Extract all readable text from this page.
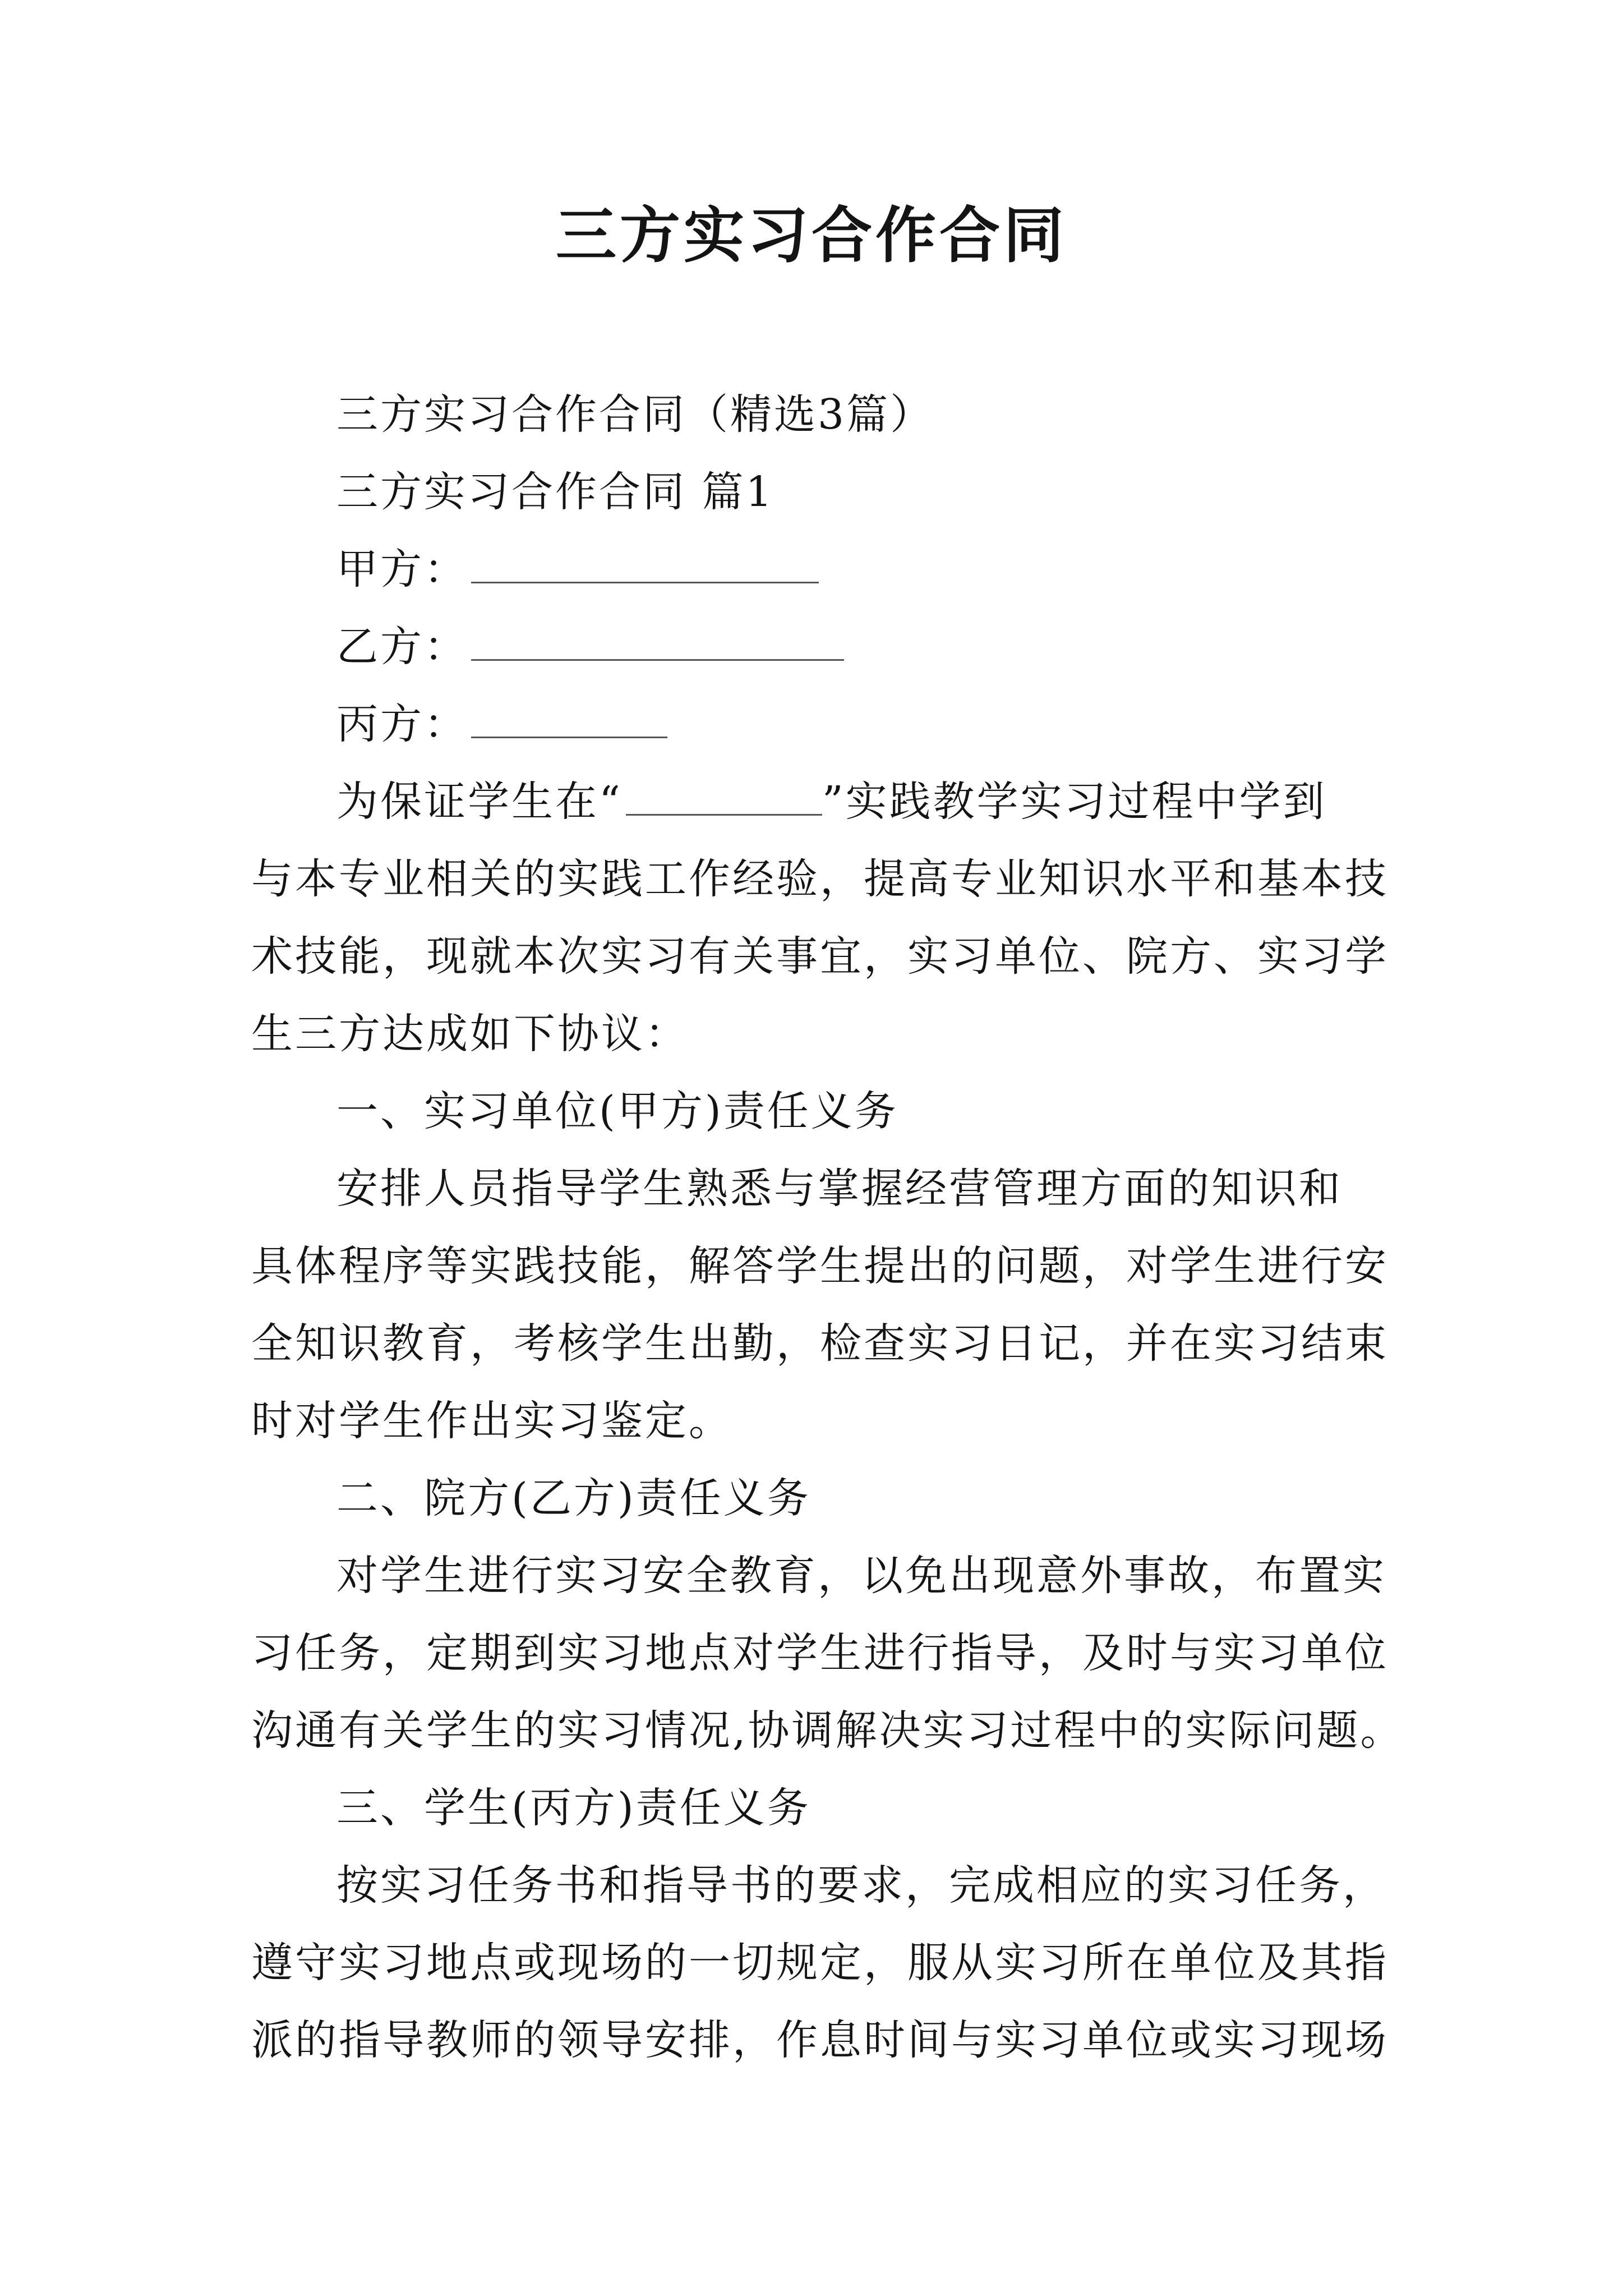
三方实习合作合同
三方实习合作合同（精选3篇）
三方实习合作合同 篇1
甲方：
乙方：
丙方：
为保证学生在“	”实践教学实习过程中学到
与本专业相关的实践工作经验，提高专业知识水平和基本技
术技能，现就本次实习有关事宜，实习单位、院方、实习学
生三方达成如下协议：
一、实习单位(甲方)责任义务
安排人员指导学生熟悉与掌握经营管理方面的知识和
具体程序等实践技能，解答学生提出的问题，对学生进行安
全知识教育，考核学生出勤，检查实习日记，并在实习结束
时对学生作出实习鉴定。
二、院方(乙方)责任义务
对学生进行实习安全教育，以免出现意外事故，布置实
习任务，定期到实习地点对学生进行指导，及时与实习单位
沟通有关学生的实习情况,协调解决实习过程中的实际问题。
三、学生(丙方)责任义务
按实习任务书和指导书的要求，完成相应的实习任务，
遵守实习地点或现场的一切规定，服从实习所在单位及其指
派的指导教师的领导安排，作息时间与实习单位或实习现场
